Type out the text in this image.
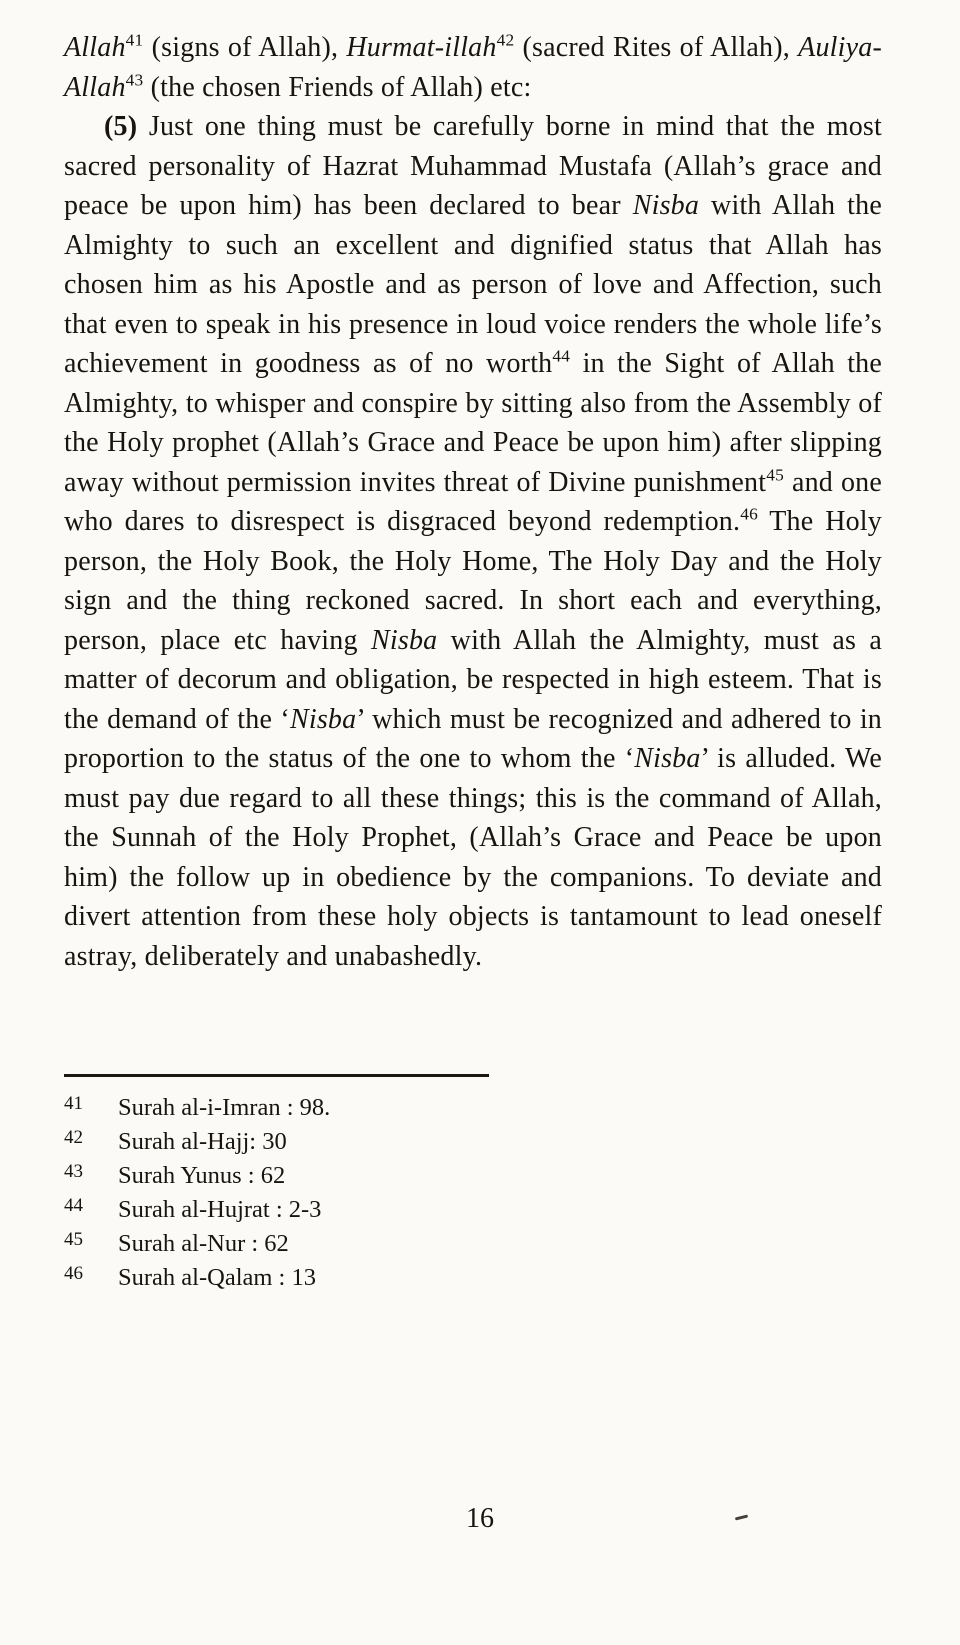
Allah$^{41}$ (signs of Allah), Hurmat-illah$^{42}$ (sacred Rites of Allah), Auliya-Allah$^{43}$ (the chosen Friends of Allah) etc:

(5) Just one thing must be carefully borne in mind that the most sacred personality of Hazrat Muhammad Mustafa (Allah’s grace and peace be upon him) has been declared to bear Nisba with Allah the Almighty to such an excellent and dignified status that Allah has chosen him as his Apostle and as person of love and Affection, such that even to speak in his presence in loud voice renders the whole life’s achievement in goodness as of no worth$^{44}$ in the Sight of Allah the Almighty, to whisper and conspire by sitting also from the Assembly of the Holy prophet (Allah’s Grace and Peace be upon him) after slipping away without permission invites threat of Divine punishment$^{45}$ and one who dares to disrespect is disgraced beyond redemption.$^{46}$ The Holy person, the Holy Book, the Holy Home, The Holy Day and the Holy sign and the thing reckoned sacred. In short each and everything, person, place etc having Nisba with Allah the Almighty, must as a matter of decorum and obligation, be respected in high esteem. That is the demand of the ‘Nisba’ which must be recognized and adhered to in proportion to the status of the one to whom the ‘Nisba’ is alluded. We must pay due regard to all these things; this is the command of Allah, the Sunnah of the Holy Prophet, (Allah’s Grace and Peace be upon him) the follow up in obedience by the companions. To deviate and divert attention from these holy objects is tantamount to lead oneself astray, deliberately and unabashedly.

41 Surah al-i-Imran : 98.
42 Surah al-Hajj: 30
43 Surah Yunus : 62
44 Surah al-Hujrat : 2-3
45 Surah al-Nur : 62
46 Surah al-Qalam : 13
16
